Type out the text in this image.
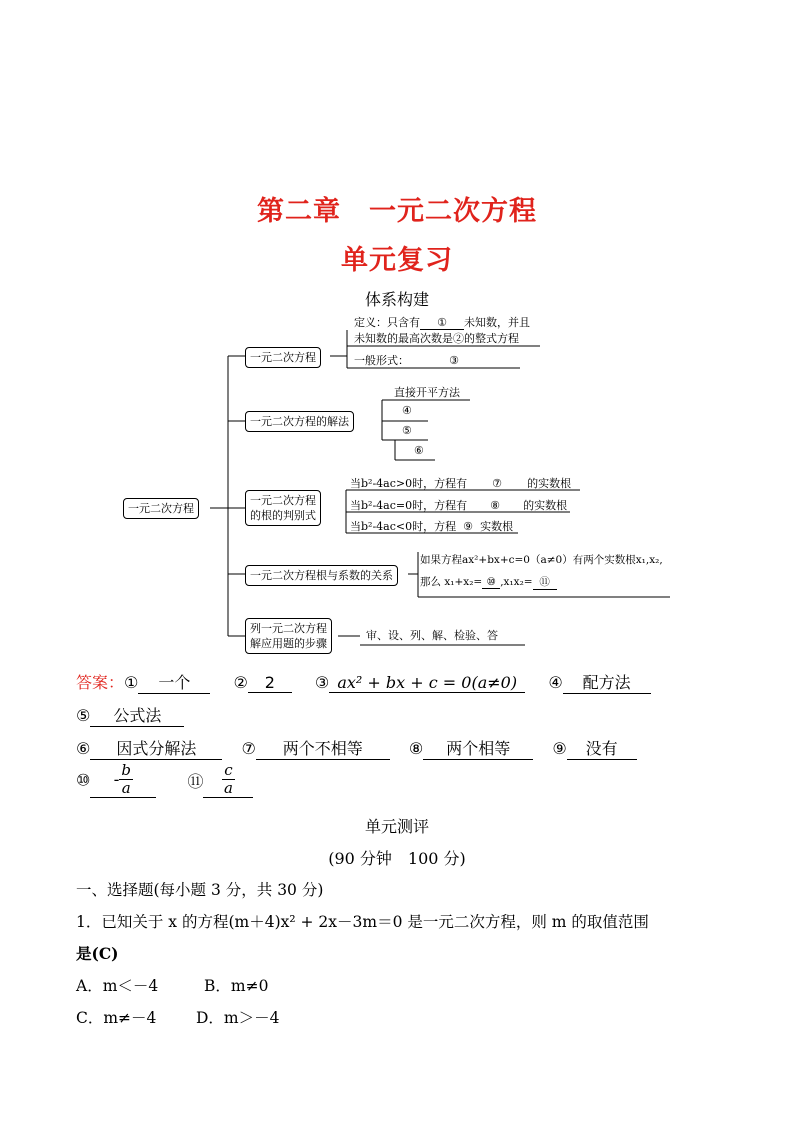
第二章　一元二次方程
单元复习
体系构建
一元二次方程
一元二次方程
一元二次方程的解法
一元二次方程
的根的判别式
一元二次方程根与系数的关系
列一元二次方程
解应用题的步骤
定义：只含有 ① 未知数，并且
未知数的最高次数是②的整式方程
一般形式：	③
直接开平方法
④
⑤
⑥
当b²-4ac>0时，方程有 ⑦ 的实数根
当b²-4ac=0时，方程有 ⑧ 的实数根
当b²-4ac<0时，方程 ⑨ 实数根
如果方程ax²+bx+c=0（a≠0）有两个实数根x₁,x₂,
那么 x₁+x₂= ⑩ ,x₁x₂= ⑪
审、设、列、解、检验、答
答案：① 一个	② 2	③ ax² + bx + c = 0(a≠0) ④ 配方法
⑤ 公式法
⑥ 因式分解法	⑦ 两个不相等	⑧ 两个相等	⑨ 没有
⑩ - $\frac{b}{a}$	⑪ $\frac{c}{a}$
单元测评
(90 分钟　100 分)
一、选择题(每小题 3 分，共 30 分)
1．已知关于 x 的方程(m＋4)x² + 2x－3m＝0 是一元二次方程，则 m 的取值范围
是(C)
A．m＜－4	B．m≠0
C．m≠－4	D．m＞－4
